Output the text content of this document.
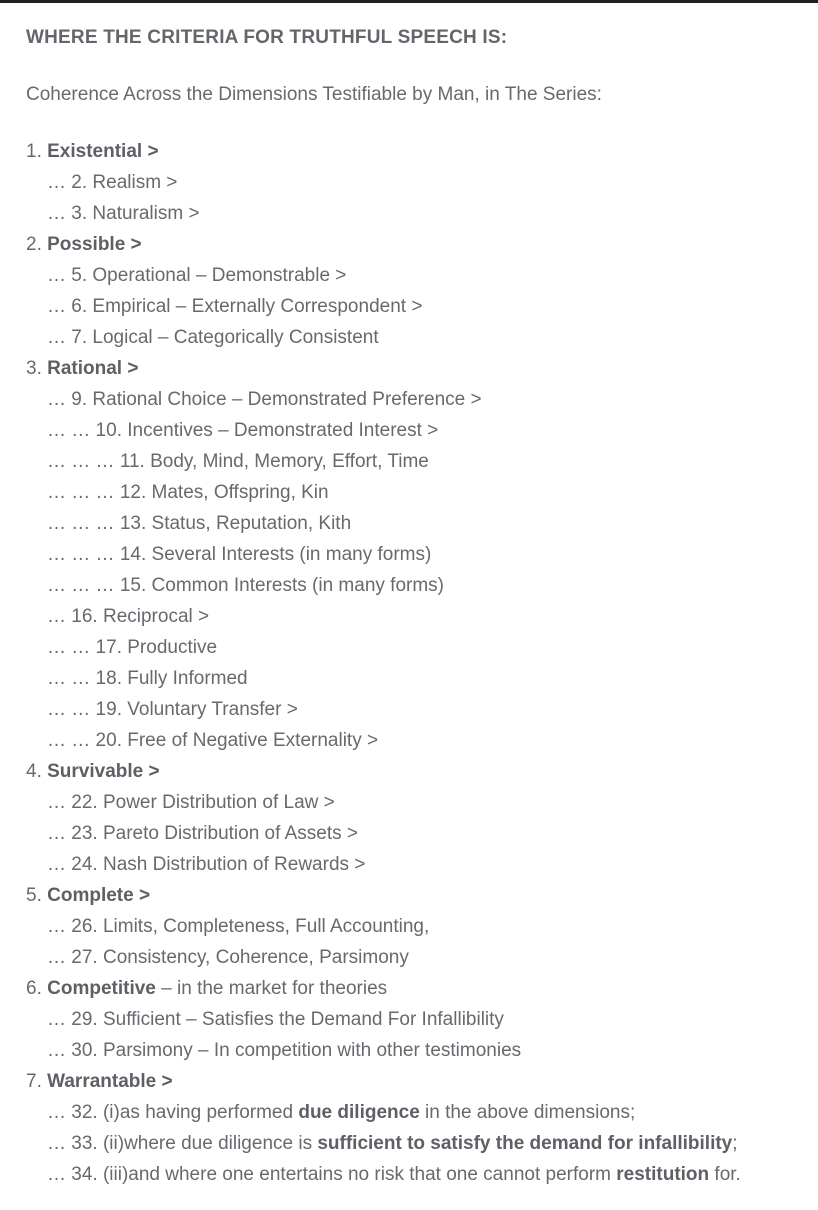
WHERE THE CRITERIA FOR TRUTHFUL SPEECH IS:
Coherence Across the Dimensions Testifiable by Man, in The Series:
1. Existential >
… 2. Realism >
… 3. Naturalism >
2. Possible >
… 5. Operational – Demonstrable >
… 6. Empirical – Externally Correspondent >
… 7. Logical – Categorically Consistent
3. Rational >
… 9. Rational Choice – Demonstrated Preference >
… … 10. Incentives – Demonstrated Interest >
… … … 11. Body, Mind, Memory, Effort, Time
… … … 12. Mates, Offspring, Kin
… … … 13. Status, Reputation, Kith
… … … 14. Several Interests (in many forms)
… … … 15. Common Interests (in many forms)
… 16. Reciprocal >
… … 17. Productive
… … 18. Fully Informed
… … 19. Voluntary Transfer >
… … 20. Free of Negative Externality >
4. Survivable >
… 22. Power Distribution of Law >
… 23. Pareto Distribution of Assets >
… 24. Nash Distribution of Rewards >
5. Complete >
… 26. Limits, Completeness, Full Accounting,
… 27. Consistency, Coherence, Parsimony
6. Competitive – in the market for theories
… 29. Sufficient – Satisfies the Demand For Infallibility
… 30. Parsimony – In competition with other testimonies
7. Warrantable >
… 32. (i)as having performed due diligence in the above dimensions;
… 33. (ii)where due diligence is sufficient to satisfy the demand for infallibility;
… 34. (iii)and where one entertains no risk that one cannot perform restitution for.
